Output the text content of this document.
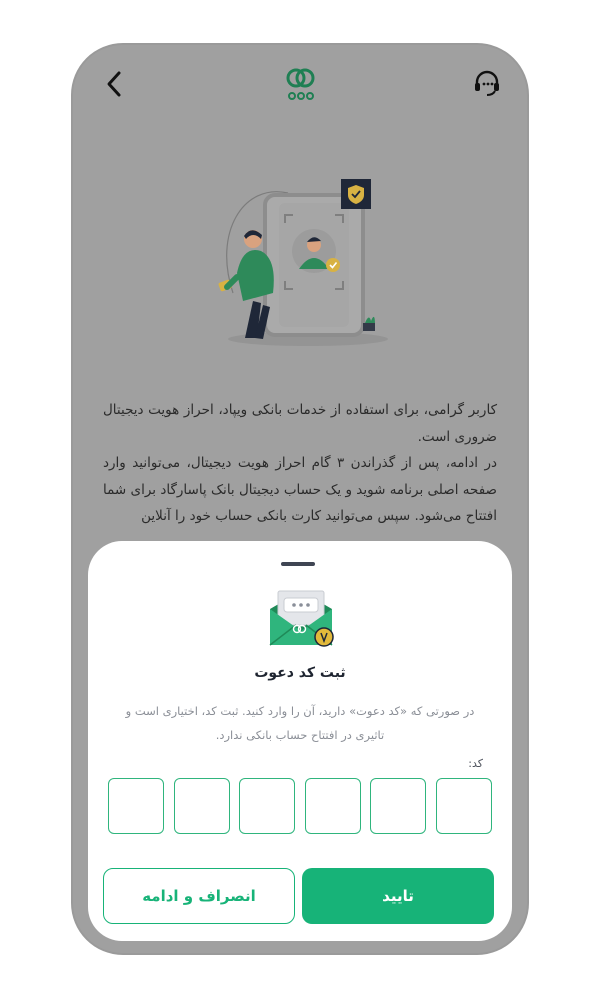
کاربر گرامی، برای استفاده از خدمات بانکی ویپاد، احراز هویت دیجیتال ضروری است.

در ادامه، پس از گذراندن ۳ گام احراز هویت دیجیتال، می‌توانید وارد صفحه اصلی برنامه شوید و یک حساب دیجیتال بانک پاسارگاد برای شما افتتاح می‌شود. سپس می‌توانید کارت بانکی حساب خود را آنلاین

ثبت کد دعوت
در صورتی که «کد دعوت» دارید، آن را وارد کنید. ثبت کد، اختیاری است و تاثیری در افتتاح حساب بانکی ندارد.
کد:
انصراف و ادامه	تایید
